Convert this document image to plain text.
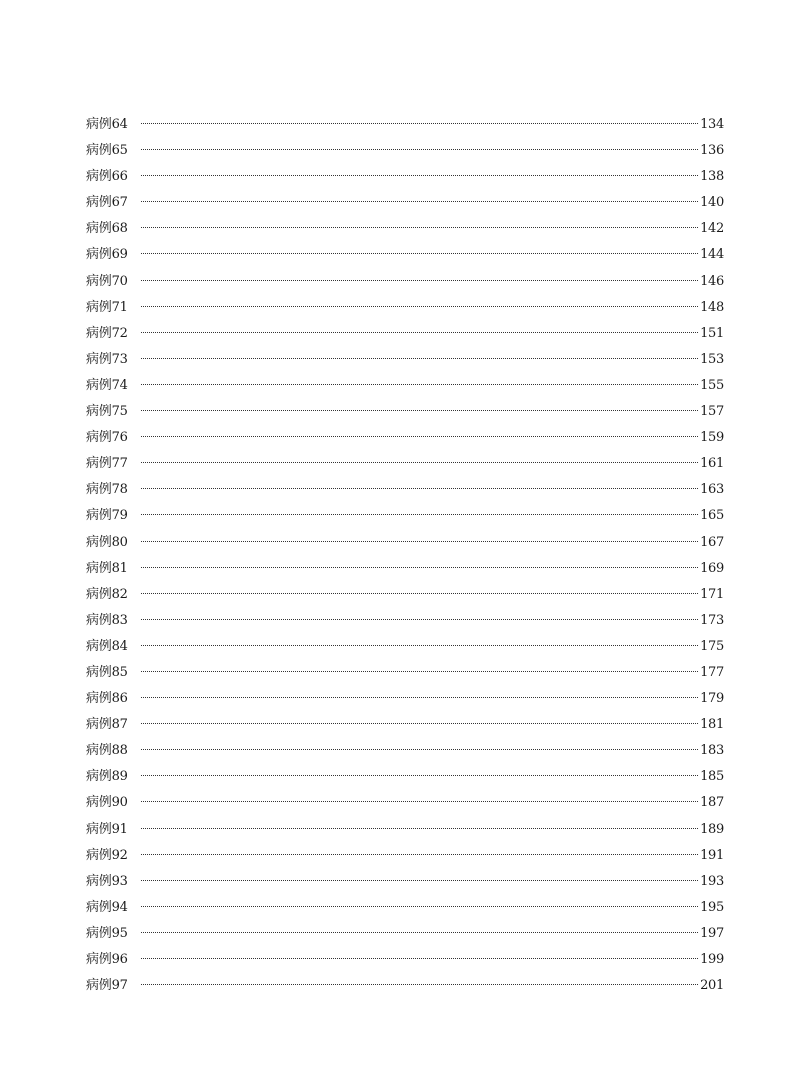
病例64	134
病例65	136
病例66	138
病例67	140
病例68	142
病例69	144
病例70	146
病例71	148
病例72	151
病例73	153
病例74	155
病例75	157
病例76	159
病例77	161
病例78	163
病例79	165
病例80	167
病例81	169
病例82	171
病例83	173
病例84	175
病例85	177
病例86	179
病例87	181
病例88	183
病例89	185
病例90	187
病例91	189
病例92	191
病例93	193
病例94	195
病例95	197
病例96	199
病例97	201
